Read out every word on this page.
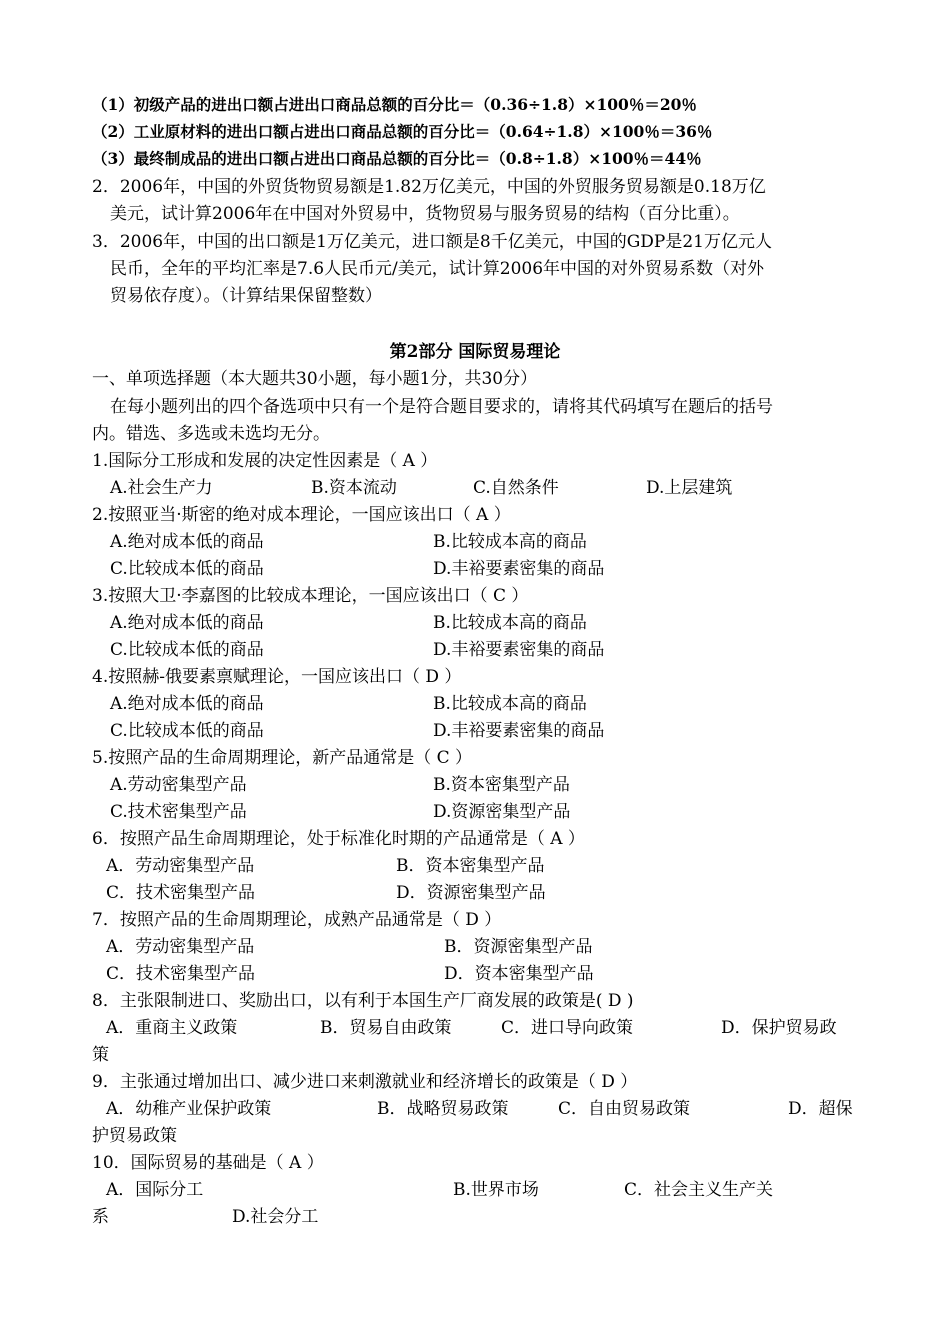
（1）初级产品的进出口额占进出口商品总额的百分比＝（0.36÷1.8）×100％＝20％
（2）工业原材料的进出口额占进出口商品总额的百分比＝（0.64÷1.8）×100％＝36％
（3）最终制成品的进出口额占进出口商品总额的百分比＝（0.8÷1.8）×100％＝44％
2．2006年，中国的外贸货物贸易额是1.82万亿美元，中国的外贸服务贸易额是0.18万亿
美元，试计算2006年在中国对外贸易中，货物贸易与服务贸易的结构（百分比重）。
3．2006年，中国的出口额是1万亿美元，进口额是8千亿美元，中国的GDP是21万亿元人
民币，全年的平均汇率是7.6人民币元/美元，试计算2006年中国的对外贸易系数（对外
贸易依存度）。（计算结果保留整数）
第2部分 国际贸易理论
一、单项选择题（本大题共30小题，每小题1分，共30分）
在每小题列出的四个备选项中只有一个是符合题目要求的，请将其代码填写在题后的括号
内。错选、多选或未选均无分。
1.国际分工形成和发展的决定性因素是（ A ）
A.社会生产力	B.资本流动	C.自然条件	D.上层建筑
2.按照亚当·斯密的绝对成本理论，一国应该出口（ A ）
A.绝对成本低的商品	B.比较成本高的商品
C.比较成本低的商品	D.丰裕要素密集的商品
3.按照大卫·李嘉图的比较成本理论，一国应该出口（ C ）
A.绝对成本低的商品	B.比较成本高的商品
C.比较成本低的商品	D.丰裕要素密集的商品
4.按照赫-俄要素禀赋理论，一国应该出口（ D ）
A.绝对成本低的商品	B.比较成本高的商品
C.比较成本低的商品	D.丰裕要素密集的商品
5.按照产品的生命周期理论，新产品通常是（ C ）
A.劳动密集型产品	B.资本密集型产品
C.技术密集型产品	D.资源密集型产品
6．按照产品生命周期理论，处于标准化时期的产品通常是（ A ）
A．劳动密集型产品	B．资本密集型产品
C．技术密集型产品	D．资源密集型产品
7．按照产品的生命周期理论，成熟产品通常是（ D ）
A．劳动密集型产品	B．资源密集型产品
C．技术密集型产品	D．资本密集型产品
8．主张限制进口、奖励出口，以有利于本国生产厂商发展的政策是( D )
A．重商主义政策	B．贸易自由政策	C．进口导向政策	D．保护贸易政
策
9．主张通过增加出口、减少进口来刺激就业和经济增长的政策是（ D ）
A．幼稚产业保护政策	B．战略贸易政策	C．自由贸易政策	D．超保
护贸易政策
10．国际贸易的基础是（ A ）
A．国际分工	B.世界市场	C．社会主义生产关
系	D.社会分工
